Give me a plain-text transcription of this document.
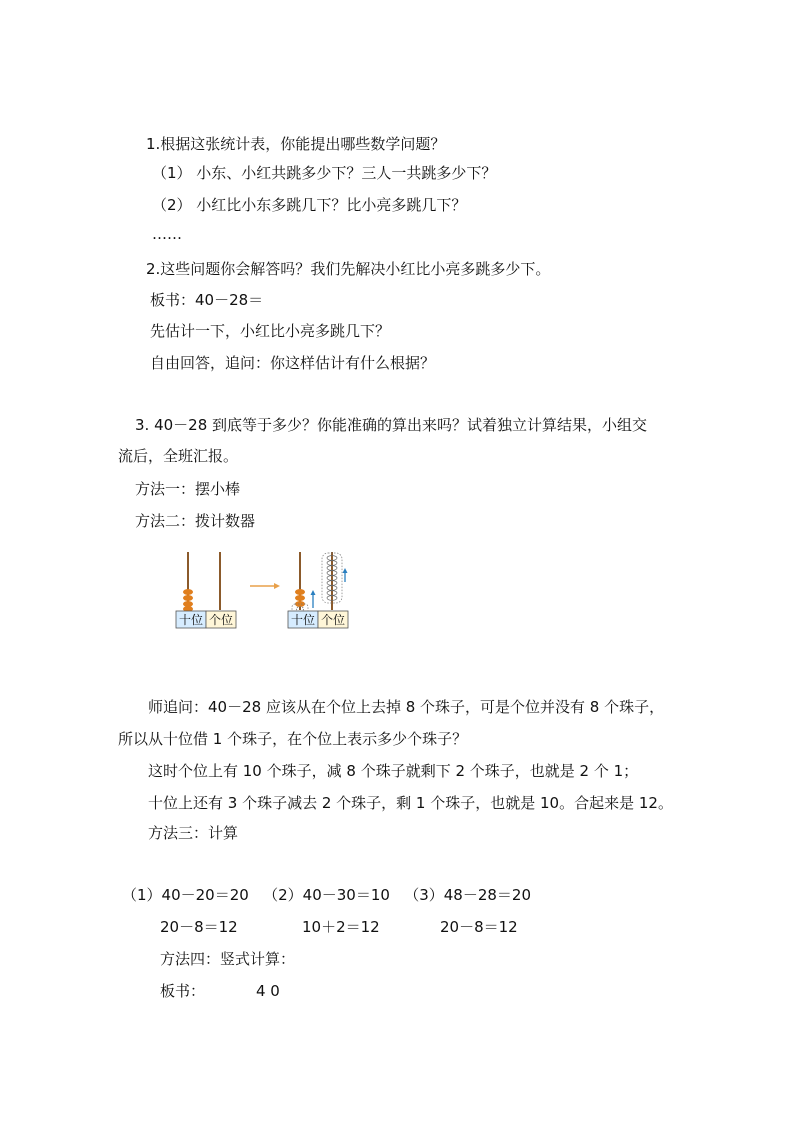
1.根据这张统计表，你能提出哪些数学问题？
（1） 小东、小红共跳多少下？三人一共跳多少下？
（2） 小红比小东多跳几下？比小亮多跳几下？
……
2.这些问题你会解答吗？我们先解决小红比小亮多跳多少下。
板书：40－28＝
先估计一下，小红比小亮多跳几下？
自由回答，追问：你这样估计有什么根据？
3. 40－28 到底等于多少？你能准确的算出来吗？试着独立计算结果，小组交
流后，全班汇报。
方法一：摆小棒
方法二：拨计数器
十位 个位	十位 个位
师追问：40－28 应该从在个位上去掉 8 个珠子，可是个位并没有 8 个珠子，
所以从十位借 1 个珠子，在个位上表示多少个珠子？
这时个位上有 10 个珠子，减 8 个珠子就剩下 2 个珠子，也就是 2 个 1；
十位上还有 3 个珠子减去 2 个珠子，剩 1 个珠子，也就是 10。合起来是 12。
方法三：计算
（1）40－20＝20   （2）40－30＝10   （3）48－28＝20
20－8＝12	10＋2＝12	20－8＝12
方法四：竖式计算：
板书：	4 0
